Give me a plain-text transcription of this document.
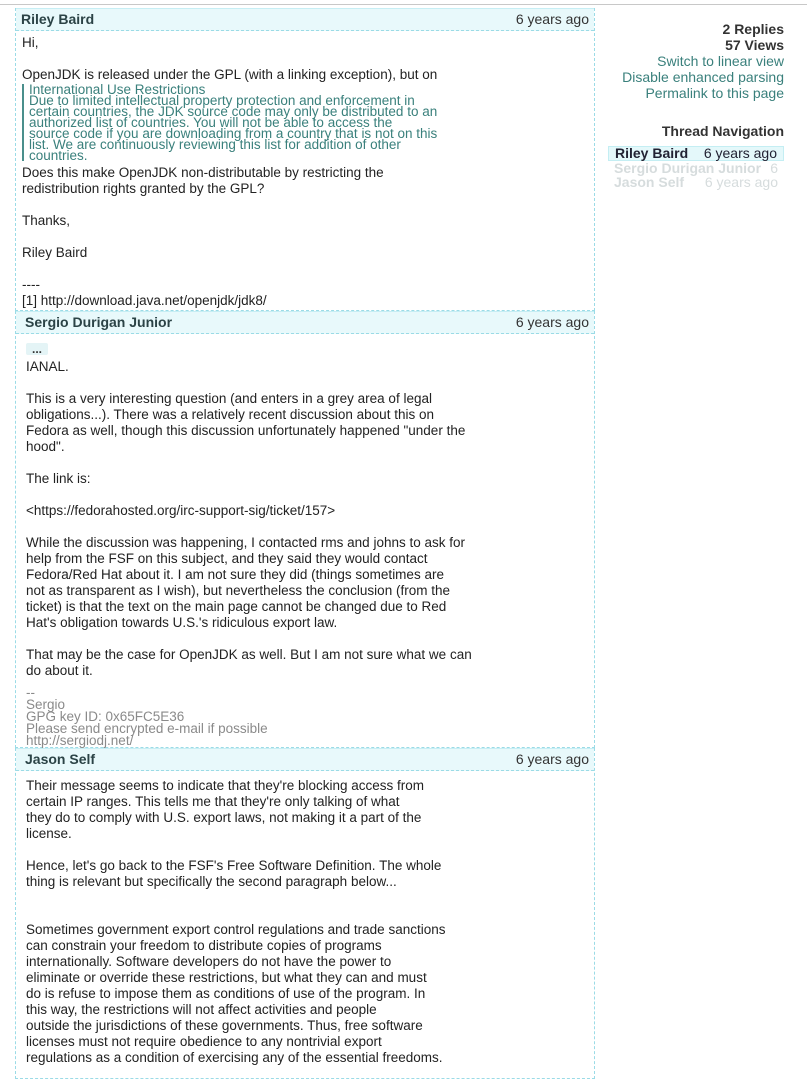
Riley Baird	6 years ago

Hi,

OpenJDK is released under the GPL (with a linking exception), but on

International Use Restrictions

Due to limited intellectual property protection and enforcement in

certain countries, the JDK source code may only be distributed to an

authorized list of countries. You will not be able to access the

source code if you are downloading from a country that is not on this

list. We are continuously reviewing this list for addition of other

countries.

Does this make OpenJDK non-distributable by restricting the

redistribution rights granted by the GPL?

Thanks,

Riley Baird

----

[1] http://download.java.net/openjdk/jdk8/

Sergio Durigan Junior	6 years ago
...

IANAL.

This is a very interesting question (and enters in a grey area of legal

obligations...). There was a relatively recent discussion about this on

Fedora as well, though this discussion unfortunately happened "under the

hood".

The link is:

<https://fedorahosted.org/irc-support-sig/ticket/157>

While the discussion was happening, I contacted rms and johns to ask for

help from the FSF on this subject, and they said they would contact

Fedora/Red Hat about it. I am not sure they did (things sometimes are

not as transparent as I wish), but nevertheless the conclusion (from the

ticket) is that the text on the main page cannot be changed due to Red

Hat's obligation towards U.S.'s ridiculous export law.

That may be the case for OpenJDK as well. But I am not sure what we can

do about it.

--

Sergio

GPG key ID: 0x65FC5E36

Please send encrypted e-mail if possible

http://sergiodj.net/

Jason Self	6 years ago

Their message seems to indicate that they're blocking access from

certain IP ranges. This tells me that they're only talking of what

they do to comply with U.S. export laws, not making it a part of the

license.

Hence, let's go back to the FSF's Free Software Definition. The whole

thing is relevant but specifically the second paragraph below...

Sometimes government export control regulations and trade sanctions

can constrain your freedom to distribute copies of programs

internationally. Software developers do not have the power to

eliminate or override these restrictions, but what they can and must

do is refuse to impose them as conditions of use of the program. In

this way, the restrictions will not affect activities and people

outside the jurisdictions of these governments. Thus, free software

licenses must not require obedience to any nontrivial export

regulations as a condition of exercising any of the essential freedoms.

2 Replies
57 Views
Switch to linear view
Disable enhanced parsing
Permalink to this page
Thread Navigation
Riley Baird 6 years ago
Sergio Durigan Junior 6
Jason Self 6 years ago
